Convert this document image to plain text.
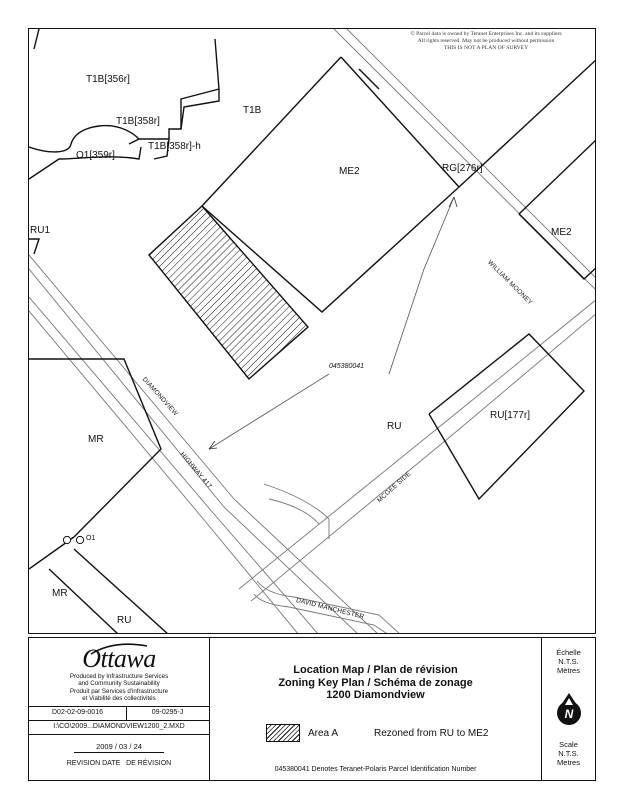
© Parcel data is owned by Teranet Enterprises Inc. and its suppliers
All rights reserved. May not be produced without permission
THIS IS NOT A PLAN OF SURVEY
T1B[356r]
T1B[358r]
T1B[358r]-h
O1[359r]
T1B
ME2	RG[276r]
ME2
RU1
MR
RU
RU[177r]
O1
MR
RU
WILLIAM MOONEY
DIAMONDVIEW
HIGHWAY 417	MCGEE SIDE
DAVID MANCHESTER
045380041
Ottawa
Produced by Infrastructure Services
and Community Sustainability
Produit par Services d'infrastructure
et Viabilité des collectivités
D02-02-09-0016	09-0295-J
I:\CO\2009...DIAMONDVIEW1200_2.MXD
2009 / 03 / 24
REVISION DATE   DE RÉVISION
Location Map / Plan de révision
Zoning Key Plan / Schéma de zonage
1200 Diamondview
Area A	Rezoned from RU to ME2
045380041 Denotes Teranet-Polaris Parcel Identification Number
Échelle
N.T.S.
Mètres
N
Scale
N.T.S.
Metres
